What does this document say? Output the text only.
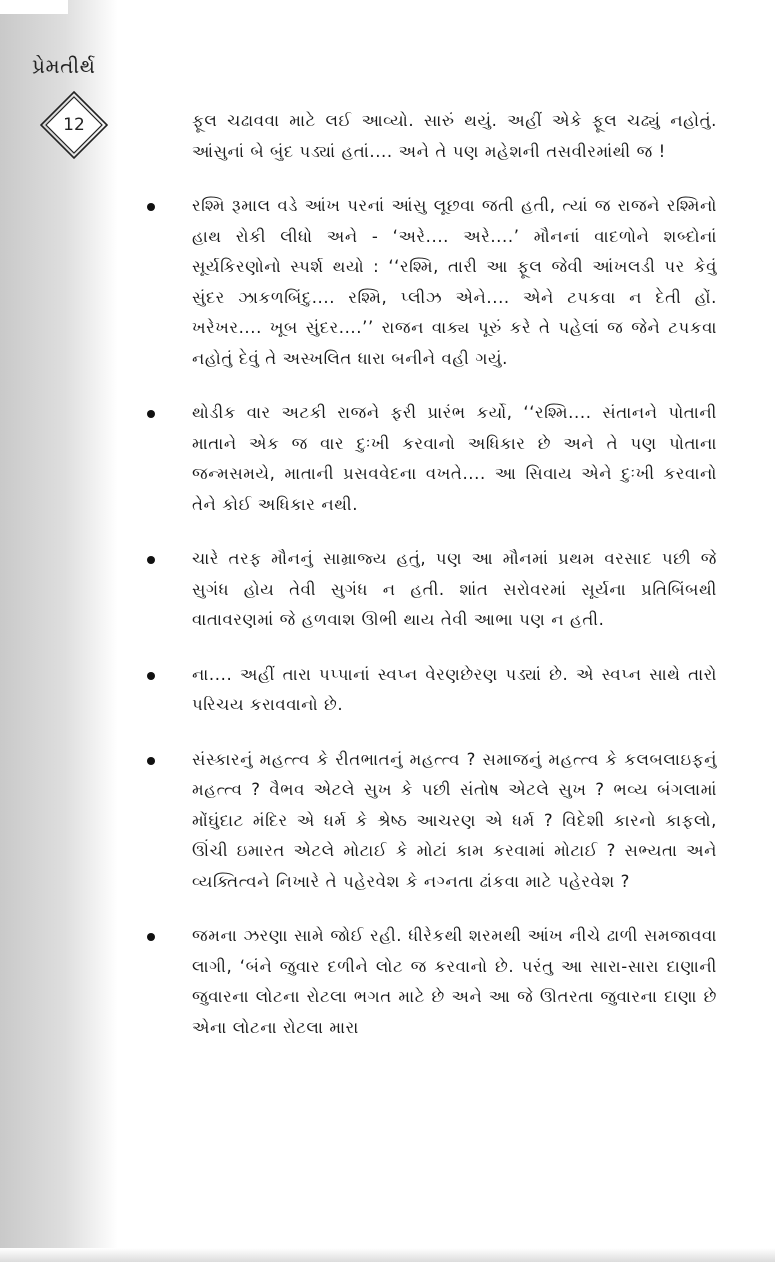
પ્રેમતીર્થ
12	ફૂલ ચઢાવવા માટે લઈ આવ્યો. સારું થયું. અહીં એકે ફૂલ ચઢ્યું નહોતું. આંસુનાં બે બુંદ પડ્યાં હતાં.... અને તે પણ મહેશની તસવીરમાંથી જ !

રશ્મિ રૂમાલ વડે આંખ પરનાં આંસુ લૂછવા જતી હતી, ત્યાં જ રાજને રશ્મિનો હાથ રોકી લીધો અને - ‘અરે.... અરે....’ મૌનનાં વાદળોને શબ્દોનાં સૂર્યકિરણોનો સ્પર્શ થયો : ‘‘રશ્મિ, તારી આ ફૂલ જેવી આંખલડી પર કેવું સુંદર ઝાકળબિંદુ.... રશ્મિ, પ્લીઝ એને.... એને ટપકવા ન દેતી હોં. ખરેખર.... ખૂબ સુંદર....’’ રાજન વાક્ય પૂરું કરે તે પહેલાં જ જેને ટપકવા નહોતું દેવું તે અસ્ખલિત ધારા બનીને વહી ગયું.
થોડીક વાર અટકી રાજને ફરી પ્રારંભ કર્યો, ‘‘રશ્મિ.... સંતાનને પોતાની માતાને એક જ વાર દુઃખી કરવાનો અધિકાર છે અને તે પણ પોતાના જન્મસમયે, માતાની પ્રસવવેદના વખતે.... આ સિવાય એને દુઃખી કરવાનો તેને કોઈ અધિકાર નથી.
ચારે તરફ મૌનનું સામ્રાજ્ય હતું, પણ આ મૌનમાં પ્રથમ વરસાદ પછી જે સુગંધ હોય તેવી સુગંધ ન હતી. શાંત સરોવરમાં સૂર્યના પ્રતિબિંબથી વાતાવરણમાં જે હળવાશ ઊભી થાય તેવી આભા પણ ન હતી.
ના.... અહીં તારા પપ્પાનાં સ્વપ્ન વેરણછેરણ પડ્યાં છે. એ સ્વપ્ન સાથે તારો પરિચય કરાવવાનો છે.
સંસ્કારનું મહત્ત્વ કે રીતભાતનું મહત્ત્વ ? સમાજનું મહત્ત્વ કે કલબલાઇફનું મહત્ત્વ ? વૈભવ એટલે સુખ કે પછી સંતોષ એટલે સુખ ? ભવ્ય બંગલામાં મોંઘુંદાટ મંદિર એ ધર્મ કે શ્રેષ્ઠ આચરણ એ ધર્મ ? વિદેશી કારનો કાફલો, ઊંચી ઇમારત એટલે મોટાઈ કે મોટાં કામ કરવામાં મોટાઈ ? સભ્યતા અને વ્યક્તિત્વને નિખારે તે પહેરવેશ કે નગ્નતા ઢાંકવા માટે પહેરવેશ ?
જમના ઝરણા સામે જોઈ રહી. ધીરેકથી શરમથી આંખ નીચે ઢાળી સમજાવવા લાગી, ‘બંને જુવાર દળીને લોટ જ કરવાનો છે. પરંતુ આ સારા-સારા દાણાની જુવારના લોટના રોટલા ભગત માટે છે અને આ જે ઊતરતા જુવારના દાણા છે એના લોટના રોટલા મારા
